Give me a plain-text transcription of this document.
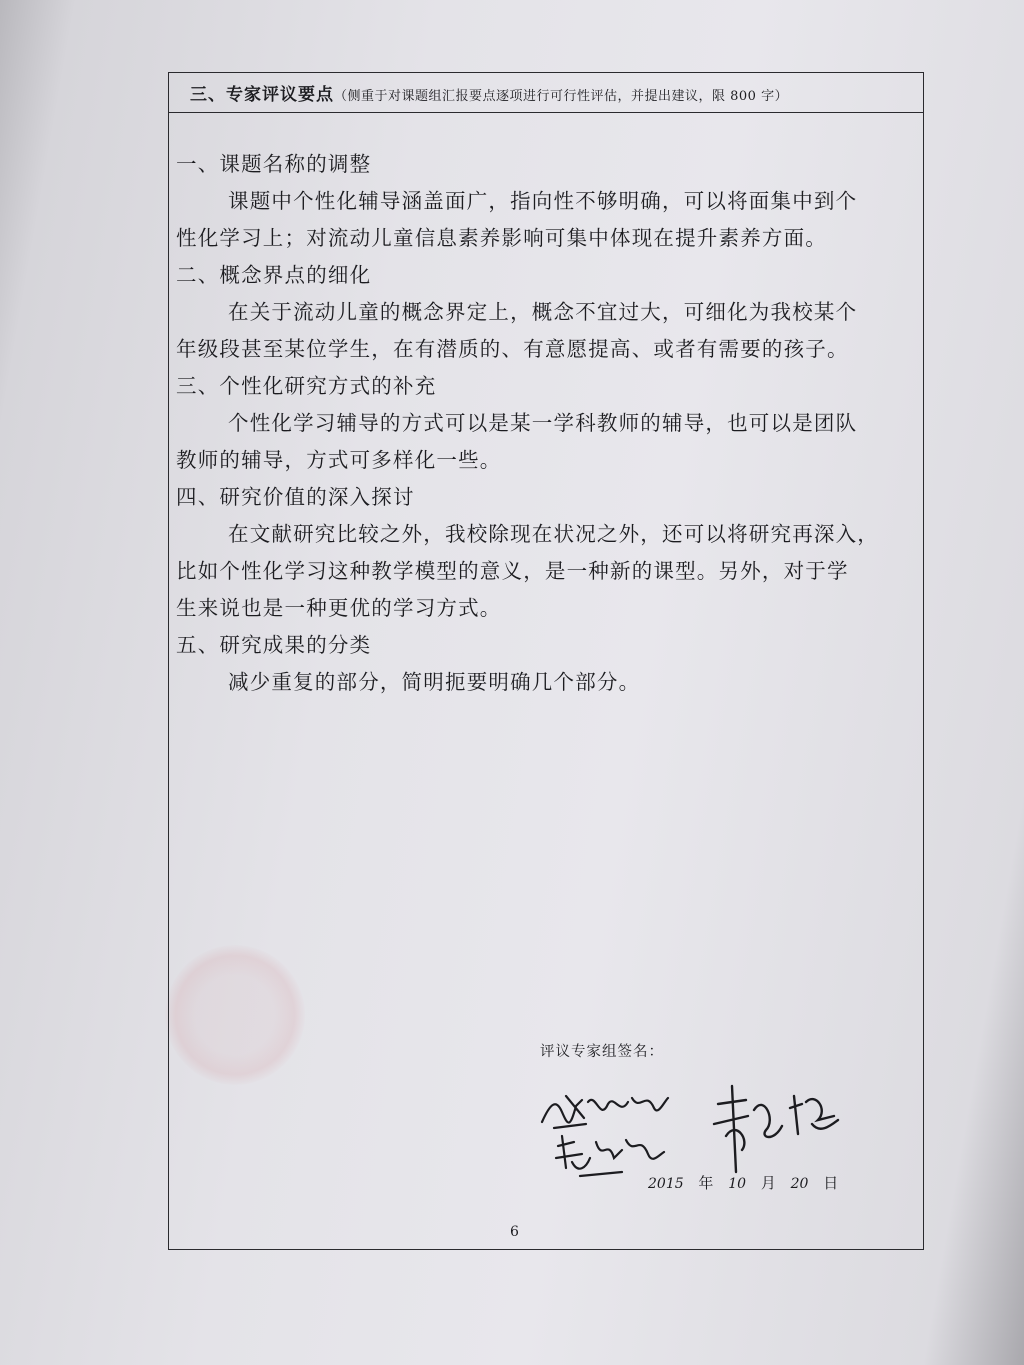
三、专家评议要点（侧重于对课题组汇报要点逐项进行可行性评估，并提出建议，限 800 字）
一、课题名称的调整
课题中个性化辅导涵盖面广，指向性不够明确，可以将面集中到个
性化学习上；对流动儿童信息素养影响可集中体现在提升素养方面。
二、概念界点的细化
在关于流动儿童的概念界定上，概念不宜过大，可细化为我校某个
年级段甚至某位学生，在有潜质的、有意愿提高、或者有需要的孩子。
三、个性化研究方式的补充
个性化学习辅导的方式可以是某一学科教师的辅导，也可以是团队
教师的辅导，方式可多样化一些。
四、研究价值的深入探讨
在文献研究比较之外，我校除现在状况之外，还可以将研究再深入，
比如个性化学习这种教学模型的意义，是一种新的课型。另外，对于学
生来说也是一种更优的学习方式。
五、研究成果的分类
减少重复的部分，简明扼要明确几个部分。
评议专家组签名：
2015 年 10 月 20 日
6
